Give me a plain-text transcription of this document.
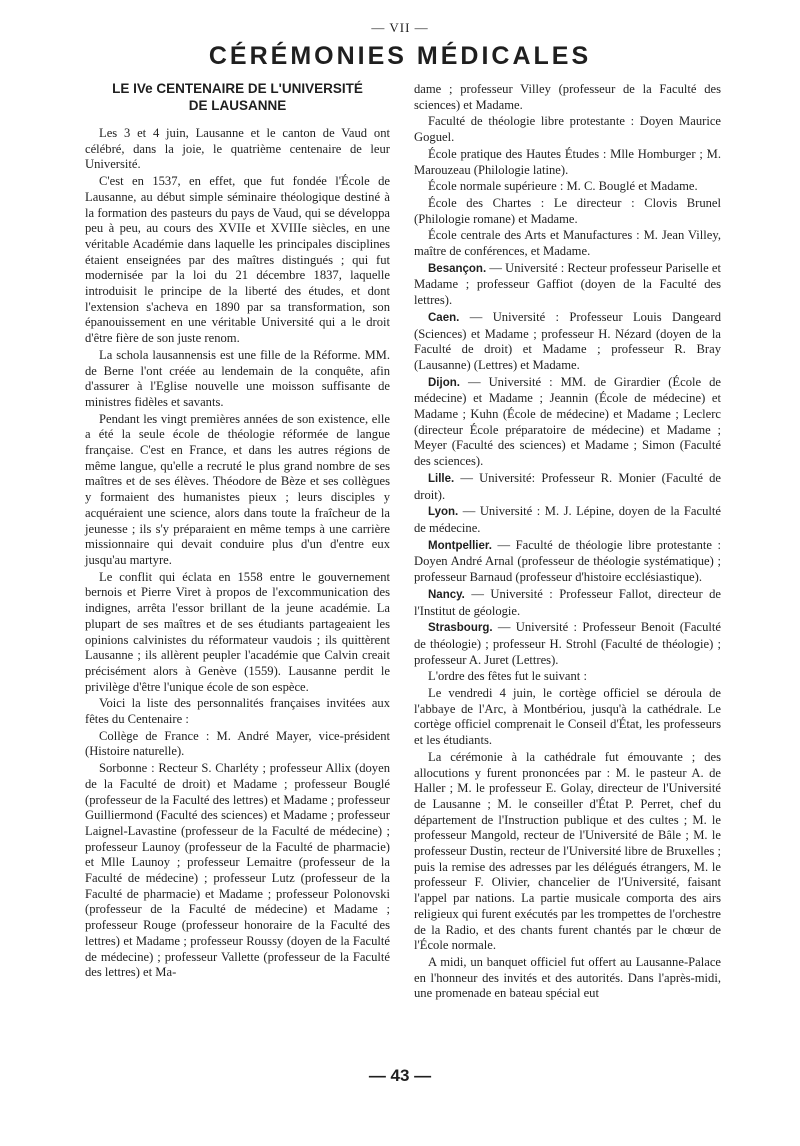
— VII —
CÉRÉMONIES MÉDICALES
LE IVe CENTENAIRE DE L'UNIVERSITÉ
DE LAUSANNE

Les 3 et 4 juin, Lausanne et le canton de Vaud ont célébré, dans la joie, le quatrième centenaire de leur Université.

C'est en 1537, en effet, que fut fondée l'École de Lausanne, au début simple séminaire théologique destiné à la formation des pasteurs du pays de Vaud, qui se développa peu à peu, au cours des XVIIe et XVIIIe siècles, en une véritable Académie dans laquelle les principales disciplines étaient enseignées par des maîtres distingués ; qui fut modernisée par la loi du 21 décembre 1837, laquelle introduisit le principe de la liberté des études, et dont l'extension s'acheva en 1890 par sa transformation, son épanouissement en une véritable Université qui a le droit d'être fière de son juste renom.

La schola lausannensis est une fille de la Réforme. MM. de Berne l'ont créée au lendemain de la conquête, afin d'assurer à l'Eglise nouvelle une moisson suffisante de ministres fidèles et savants.

Pendant les vingt premières années de son existence, elle a été la seule école de théologie réformée de langue française. C'est en France, et dans les autres régions de même langue, qu'elle a recruté le plus grand nombre de ses maîtres et de ses élèves. Théodore de Bèze et ses collègues y formaient des humanistes pieux ; leurs disciples y acquéraient une science, alors dans toute la fraîcheur de la jeunesse ; ils s'y préparaient en même temps à une carrière missionnaire qui devait conduire plus d'un d'entre eux jusqu'au martyre.

Le conflit qui éclata en 1558 entre le gouvernement bernois et Pierre Viret à propos de l'excommunication des indignes, arrêta l'essor brillant de la jeune académie. La plupart de ses maîtres et de ses étudiants partageaient les opinions calvinistes du réformateur vaudois ; ils quittèrent Lausanne ; ils allèrent peupler l'académie que Calvin creait précisément alors à Genève (1559). Lausanne perdit le privilège d'être l'unique école de son espèce.

Voici la liste des personnalités françaises invitées aux fêtes du Centenaire :

Collège de France : M. André Mayer, vice-président (Histoire naturelle).

Sorbonne : Recteur S. Charléty ; professeur Allix (doyen de la Faculté de droit) et Madame ; professeur Bouglé (professeur de la Faculté des lettres) et Madame ; professeur Guilliermond (Faculté des sciences) et Madame ; professeur Laignel-Lavastine (professeur de la Faculté de médecine) ; professeur Launoy (professeur de la Faculté de pharmacie) et Mlle Launoy ; professeur Lemaitre (professeur de la Faculté de médecine) ; professeur Lutz (professeur de la Faculté de pharmacie) et Madame ; professeur Polonovski (professeur de la Faculté de médecine) et Madame ; professeur Rouge (professeur honoraire de la Faculté des lettres) et Madame ; professeur Roussy (doyen de la Faculté de médecine) ; professeur Vallette (professeur de la Faculté des lettres) et Ma-

dame ; professeur Villey (professeur de la Faculté des sciences) et Madame.

Faculté de théologie libre protestante : Doyen Maurice Goguel.

École pratique des Hautes Études : Mlle Homburger ; M. Marouzeau (Philologie latine).

École normale supérieure : M. C. Bouglé et Madame.

École des Chartes : Le directeur : Clovis Brunel (Philologie romane) et Madame.

École centrale des Arts et Manufactures : M. Jean Villey, maître de conférences, et Madame.

Besançon. — Université : Recteur professeur Pariselle et Madame ; professeur Gaffiot (doyen de la Faculté des lettres).

Caen. — Université : Professeur Louis Dangeard (Sciences) et Madame ; professeur H. Nézard (doyen de la Faculté de droit) et Madame ; professeur R. Bray (Lausanne) (Lettres) et Madame.

Dijon. — Université : MM. de Girardier (École de médecine) et Madame ; Jeannin (École de médecine) et Madame ; Kuhn (École de médecine) et Madame ; Leclerc (directeur École préparatoire de médecine) et Madame ; Meyer (Faculté des sciences) et Madame ; Simon (Faculté des sciences).

Lille. — Université: Professeur R. Monier (Faculté de droit).

Lyon. — Université : M. J. Lépine, doyen de la Faculté de médecine.

Montpellier. — Faculté de théologie libre protestante : Doyen André Arnal (professeur de théologie systématique) ; professeur Barnaud (professeur d'histoire ecclésiastique).

Nancy. — Université : Professeur Fallot, directeur de l'Institut de géologie.

Strasbourg. — Université : Professeur Benoit (Faculté de théologie) ; professeur H. Strohl (Faculté de théologie) ; professeur A. Juret (Lettres).

L'ordre des fêtes fut le suivant :

Le vendredi 4 juin, le cortège officiel se déroula de l'abbaye de l'Arc, à Montbériou, jusqu'à la cathédrale. Le cortège officiel comprenait le Conseil d'État, les professeurs et les étudiants.

La cérémonie à la cathédrale fut émouvante ; des allocutions y furent prononcées par : M. le pasteur A. de Haller ; M. le professeur E. Golay, directeur de l'Université de Lausanne ; M. le conseiller d'État P. Perret, chef du département de l'Instruction publique et des cultes ; M. le professeur Mangold, recteur de l'Université de Bâle ; M. le professeur Dustin, recteur de l'Université libre de Bruxelles ; puis la remise des adresses par les délégués étrangers, M. le professeur F. Olivier, chancelier de l'Université, faisant l'appel par nations. La partie musicale comporta des airs religieux qui furent exécutés par les trompettes de l'orchestre de la Radio, et des chants furent chantés par le chœur de l'École normale.

A midi, un banquet officiel fut offert au Lausanne-Palace en l'honneur des invités et des autorités. Dans l'après-midi, une promenade en bateau spécial eut

— 43 —
